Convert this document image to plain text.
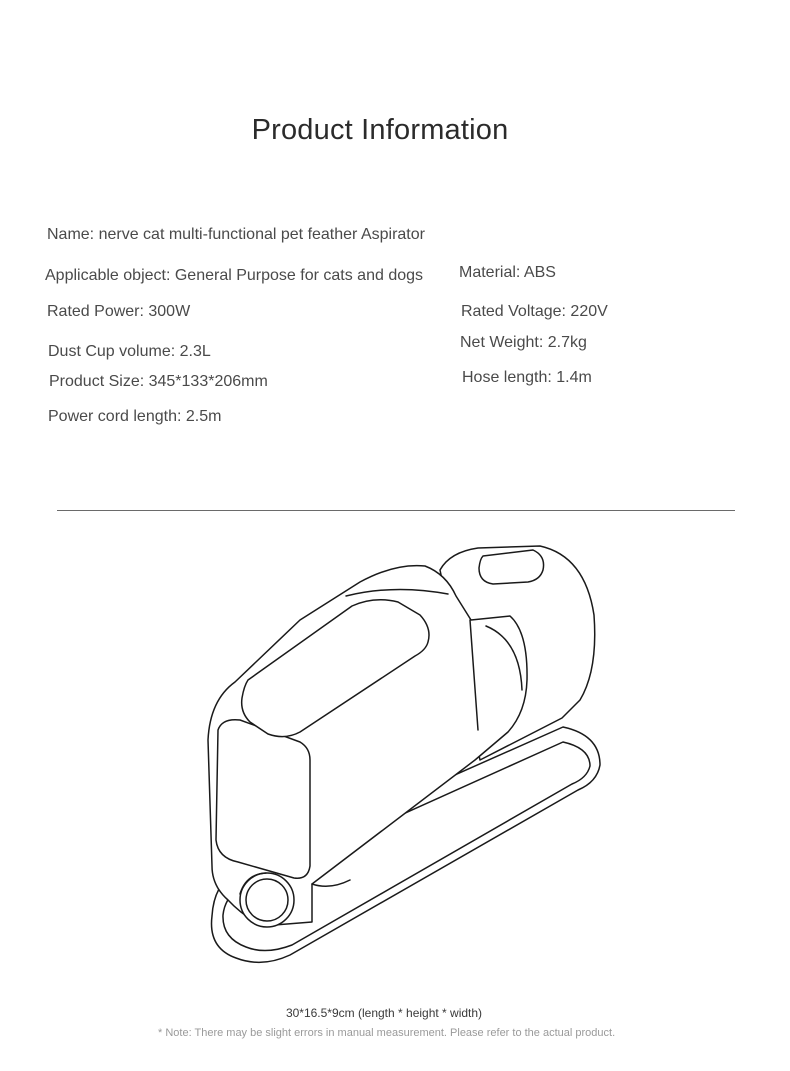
Product Information
Name: nerve cat multi-functional pet feather Aspirator
Applicable object: General Purpose for cats and dogs Material: ABS
Rated Power: 300W	Rated Voltage: 220V
Dust Cup volume: 2.3L
Net Weight: 2.7kg
Product Size: 345*133*206mm	Hose length: 1.4m
Power cord length: 2.5m
30*16.5*9cm (length * height * width)
* Note: There may be slight errors in manual measurement. Please refer to the actual product.
